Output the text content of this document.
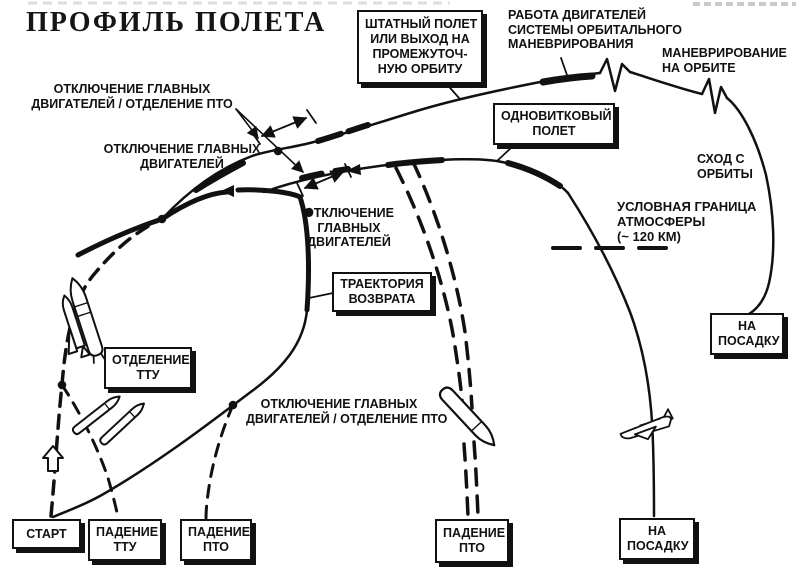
ПРОФИЛЬ ПОЛЕТА
ОТКЛЮЧЕНИЕ ГЛАВНЫХ
ДВИГАТЕЛЕЙ / ОТДЕЛЕНИЕ ПТО
ОТКЛЮЧЕНИЕ ГЛАВНЫХ
ДВИГАТЕЛЕЙ
РАБОТА ДВИГАТЕЛЕЙ
СИСТЕМЫ ОРБИТАЛЬНОГО
МАНЕВРИРОВАНИЯ
МАНЕВРИРОВАНИЕ
НА ОРБИТЕ
СХОД С
ОРБИТЫ
УСЛОВНАЯ ГРАНИЦА
АТМОСФЕРЫ
(~ 120 КМ)
ОТКЛЮЧЕНИЕ
ГЛАВНЫХ
ДВИГАТЕЛЕЙ
ОТКЛЮЧЕНИЕ ГЛАВНЫХ
ДВИГАТЕЛЕЙ / ОТДЕЛЕНИЕ ПТО
ШТАТНЫЙ ПОЛЕТ
ИЛИ ВЫХОД НА
ПРОМЕЖУТОЧ-
НУЮ ОРБИТУ
ОДНОВИТКОВЫЙ
ПОЛЕТ
ОТДЕЛЕНИЕ
ТТУ
ТРАЕКТОРИЯ
ВОЗВРАТА
СТАРТ	ПАДЕНИЕ
ТТУ
ПАДЕНИЕ
ПТО
ПАДЕНИЕ
ПТО
НА
ПОСАДКУ
НА
ПОСАДКУ
